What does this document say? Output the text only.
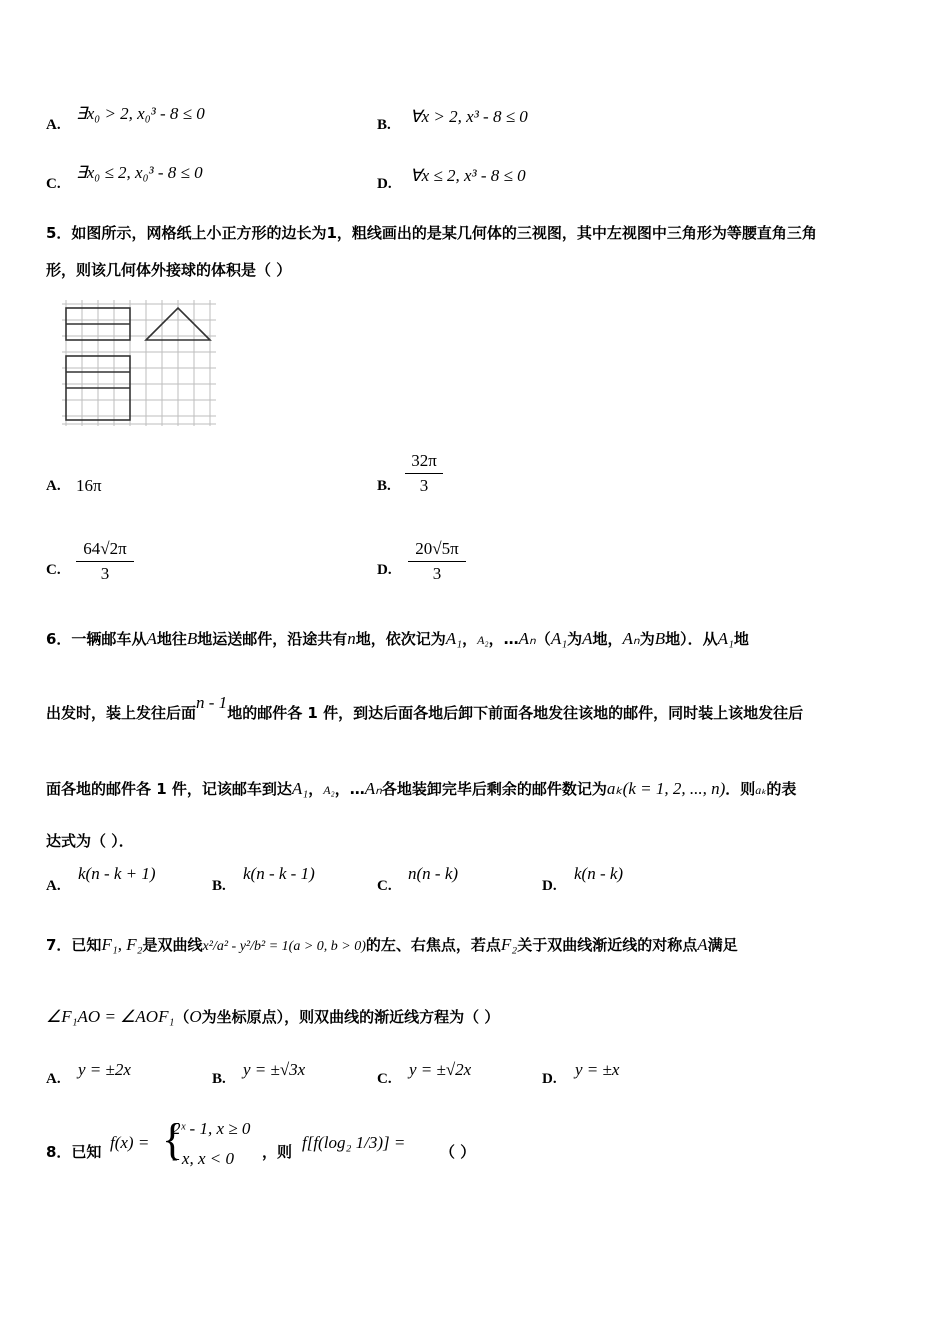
A.
∃x₀ > 2, x₀³ - 8 ≤ 0
B. ∀x > 2, x³ - 8 ≤ 0
C.
∃x₀ ≤ 2, x₀³ - 8 ≤ 0
D. ∀x ≤ 2, x³ - 8 ≤ 0
5．如图所示，网格纸上小正方形的边长为1，粗线画出的是某几何体的三视图，其中左视图中三角形为等腰直角三角
形，则该几何体外接球的体积是（ ）
A. 16π	B.
32π
3
C.
64√2π
3	D.
20√5π
3
6．一辆邮车从A地往B地运送邮件，沿途共有n地，依次记为A₁，A₂，…Aₙ（A₁为A地，Aₙ为B地）．从A₁地
出发时，装上发往后面n - 1地的邮件各 1 件，到达后面各地后卸下前面各地发往该地的邮件，同时装上该地发往后
面各地的邮件各 1 件，记该邮车到达A₁，A₂，…Aₙ各地装卸完毕后剩余的邮件数记为aₖ(k = 1, 2, ..., n)．则aₖ的表
达式为（ ）．
A.
k(n - k + 1)
B.
k(n - k - 1)
C.
n(n - k)
D.
k(n - k)
7．已知F₁, F₂是双曲线x²/a² - y²/b² = 1(a > 0, b > 0)的左、右焦点，若点F₂关于双曲线渐近线的对称点A满足
∠F₁AO = ∠AOF₁（O为坐标原点），则双曲线的渐近线方程为（ ）
A. y = ±2x	B. y = ±√3x	C. y = ±√2x	D. y = ±x
8．已知 f(x) = {
2ˣ - 1, x ≥ 0
- x, x < 0 ，则 f[f(log₂ 1/3)] = （ ）
